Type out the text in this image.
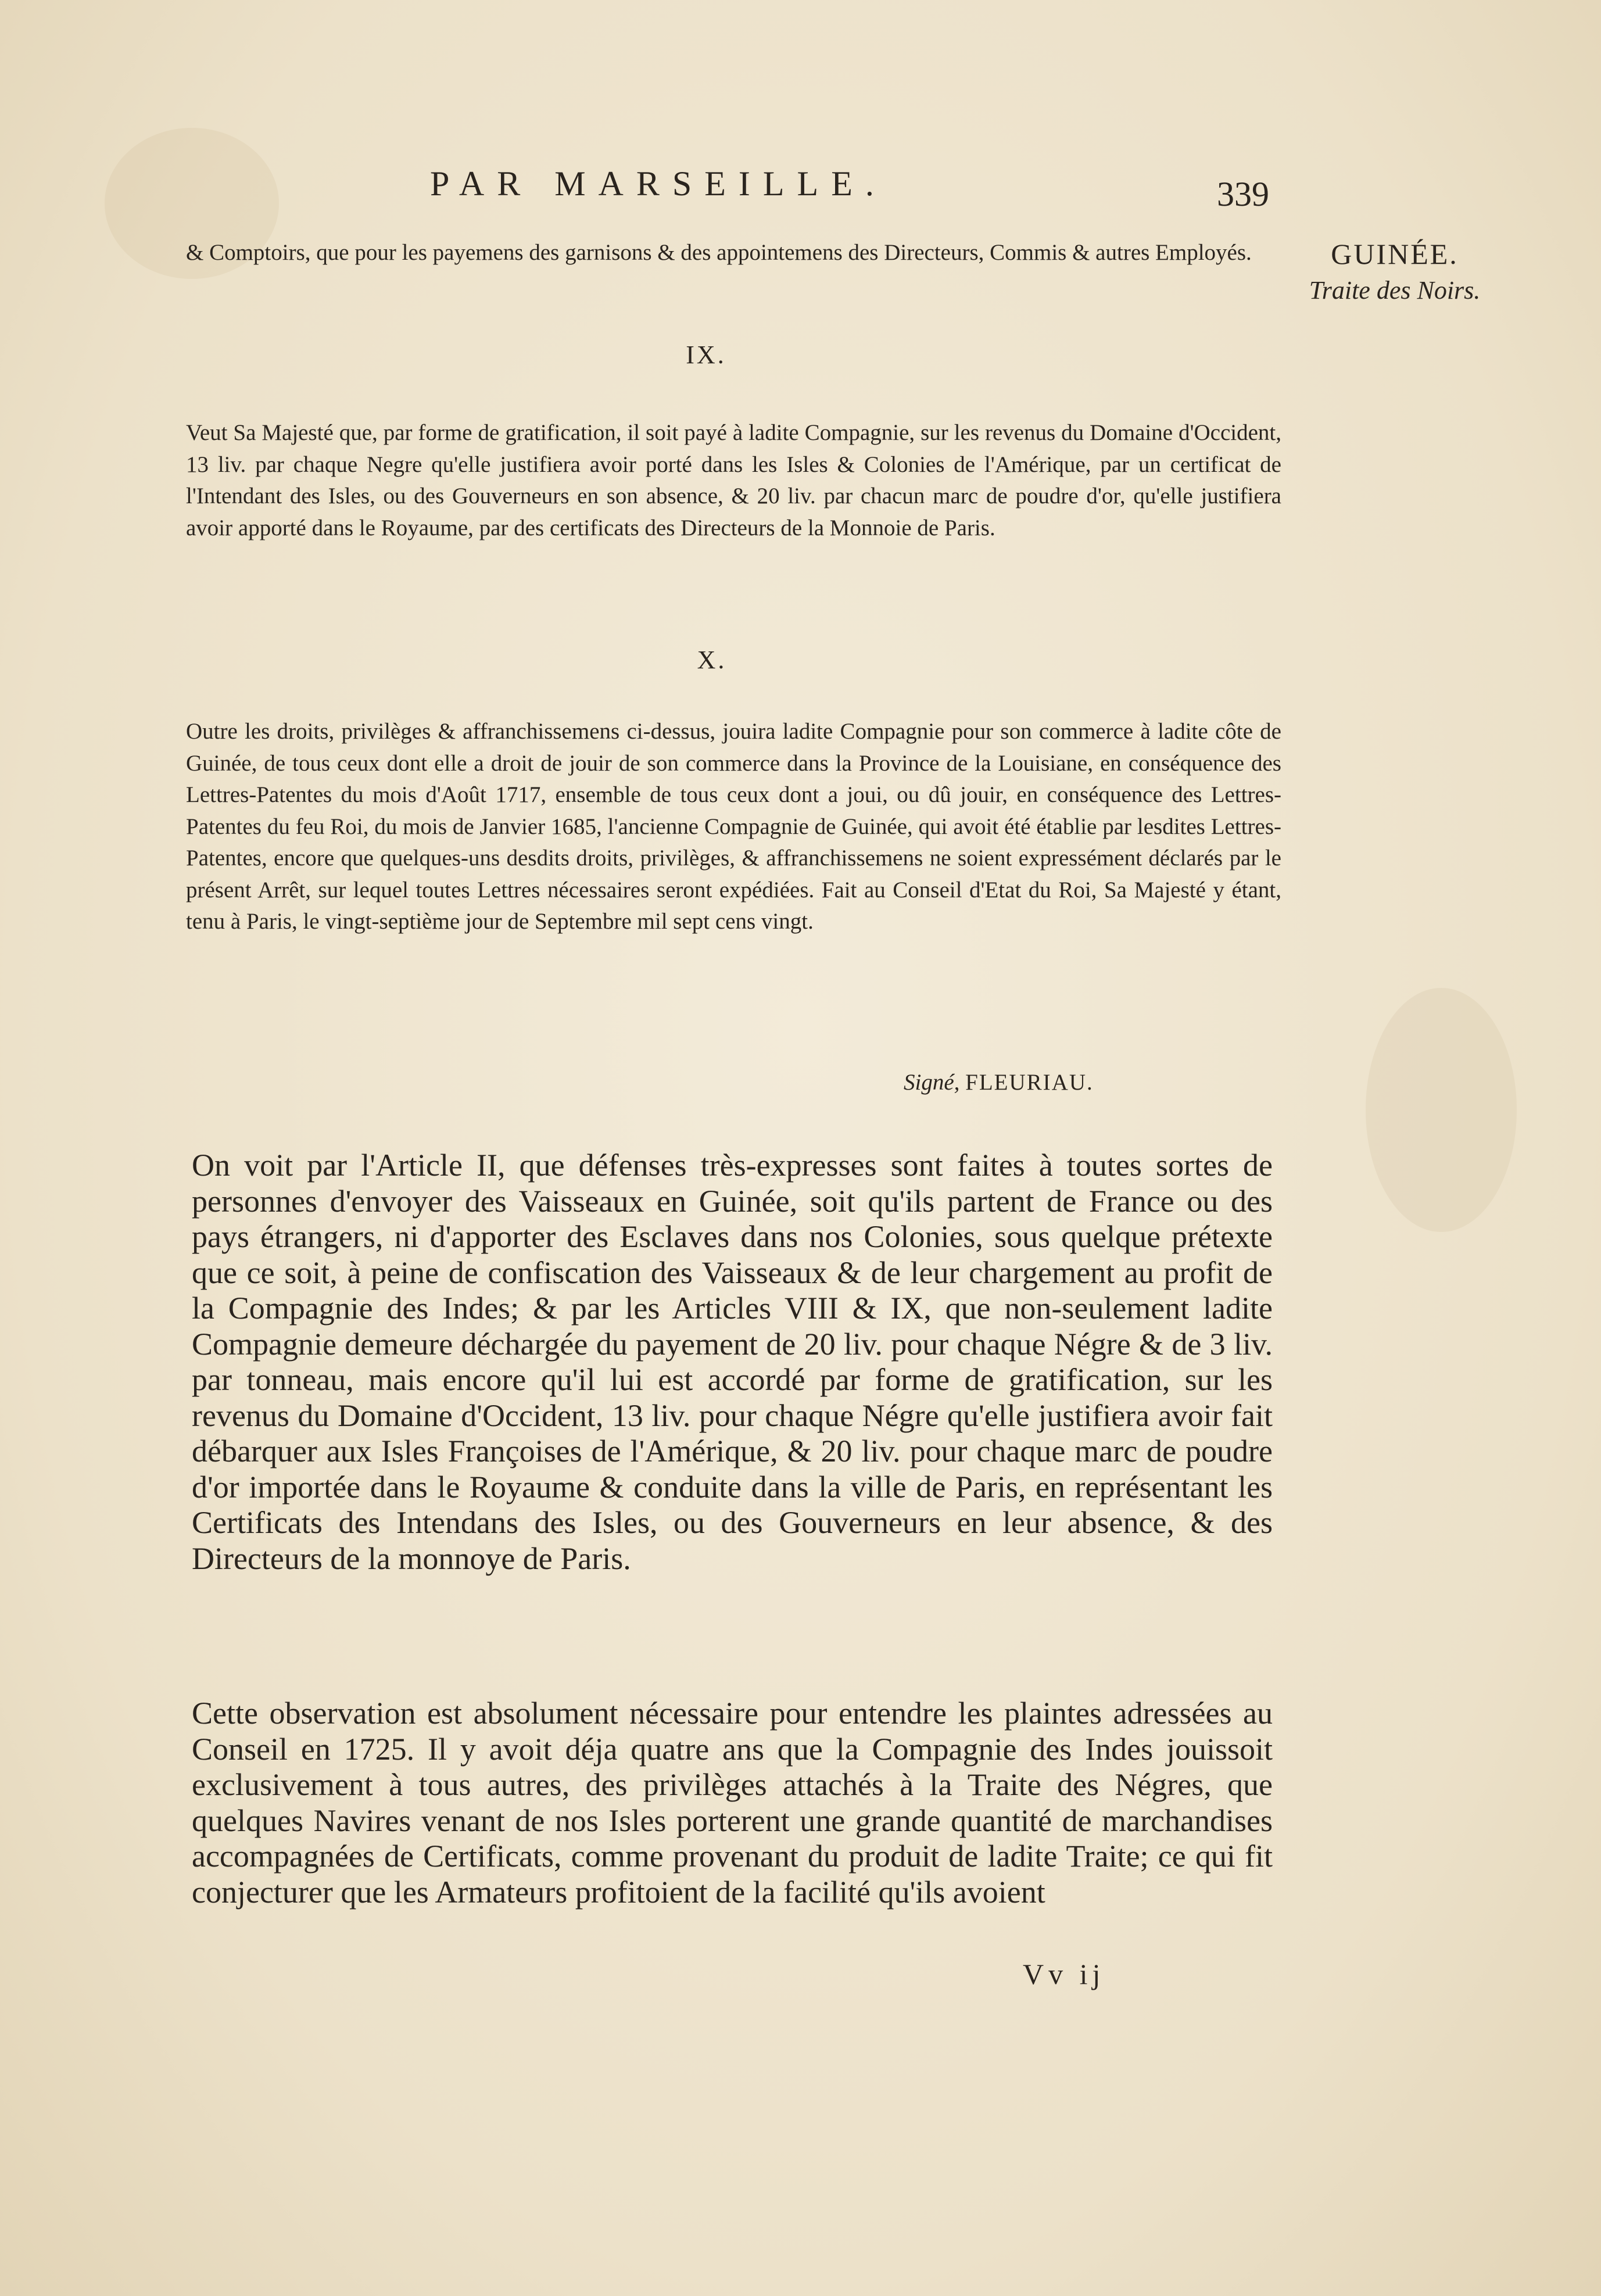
PAR MARSEILLE.	339
GUINÉE.
Traite des Noirs.

& Comptoirs, que pour les payemens des garnisons & des appointemens des Directeurs, Commis & autres Employés.

IX.

Veut Sa Majesté que, par forme de gratification, il soit payé à ladite Compagnie, sur les revenus du Domaine d'Occident, 13 liv. par chaque Negre qu'elle justifiera avoir porté dans les Isles & Colonies de l'Amérique, par un certificat de l'Intendant des Isles, ou des Gouverneurs en son absence, & 20 liv. par chacun marc de poudre d'or, qu'elle justifiera avoir apporté dans le Royaume, par des certificats des Directeurs de la Monnoie de Paris.

X.

Outre les droits, privilèges & affranchissemens ci-dessus, jouira ladite Compagnie pour son commerce à ladite côte de Guinée, de tous ceux dont elle a droit de jouir de son commerce dans la Province de la Louisiane, en conséquence des Lettres-Patentes du mois d'Août 1717, ensemble de tous ceux dont a joui, ou dû jouir, en conséquence des Lettres-Patentes du feu Roi, du mois de Janvier 1685, l'ancienne Compagnie de Guinée, qui avoit été établie par lesdites Lettres-Patentes, encore que quelques-uns desdits droits, privilèges, & affranchissemens ne soient expressément déclarés par le présent Arrêt, sur lequel toutes Lettres nécessaires seront expédiées. Fait au Conseil d'Etat du Roi, Sa Majesté y étant, tenu à Paris, le vingt-septième jour de Septembre mil sept cens vingt.

Signé, FLEURIAU.

On voit par l'Article II, que défenses très-expresses sont faites à toutes sortes de personnes d'envoyer des Vaisseaux en Guinée, soit qu'ils partent de France ou des pays étrangers, ni d'apporter des Esclaves dans nos Colonies, sous quelque prétexte que ce soit, à peine de confiscation des Vaisseaux & de leur chargement au profit de la Compagnie des Indes; & par les Articles VIII & IX, que non-seulement ladite Compagnie demeure déchargée du payement de 20 liv. pour chaque Négre & de 3 liv. par tonneau, mais encore qu'il lui est accordé par forme de gratification, sur les revenus du Domaine d'Occident, 13 liv. pour chaque Négre qu'elle justifiera avoir fait débarquer aux Isles Françoises de l'Amérique, & 20 liv. pour chaque marc de poudre d'or importée dans le Royaume & conduite dans la ville de Paris, en représentant les Certificats des Intendans des Isles, ou des Gouverneurs en leur absence, & des Directeurs de la monnoye de Paris.

Cette observation est absolument nécessaire pour entendre les plaintes adressées au Conseil en 1725. Il y avoit déja quatre ans que la Compagnie des Indes jouissoit exclusivement à tous autres, des privilèges attachés à la Traite des Négres, que quelques Navires venant de nos Isles porterent une grande quantité de marchandises accompagnées de Certificats, comme provenant du produit de ladite Traite; ce qui fit conjecturer que les Armateurs profitoient de la facilité qu'ils avoient

Vv ij
